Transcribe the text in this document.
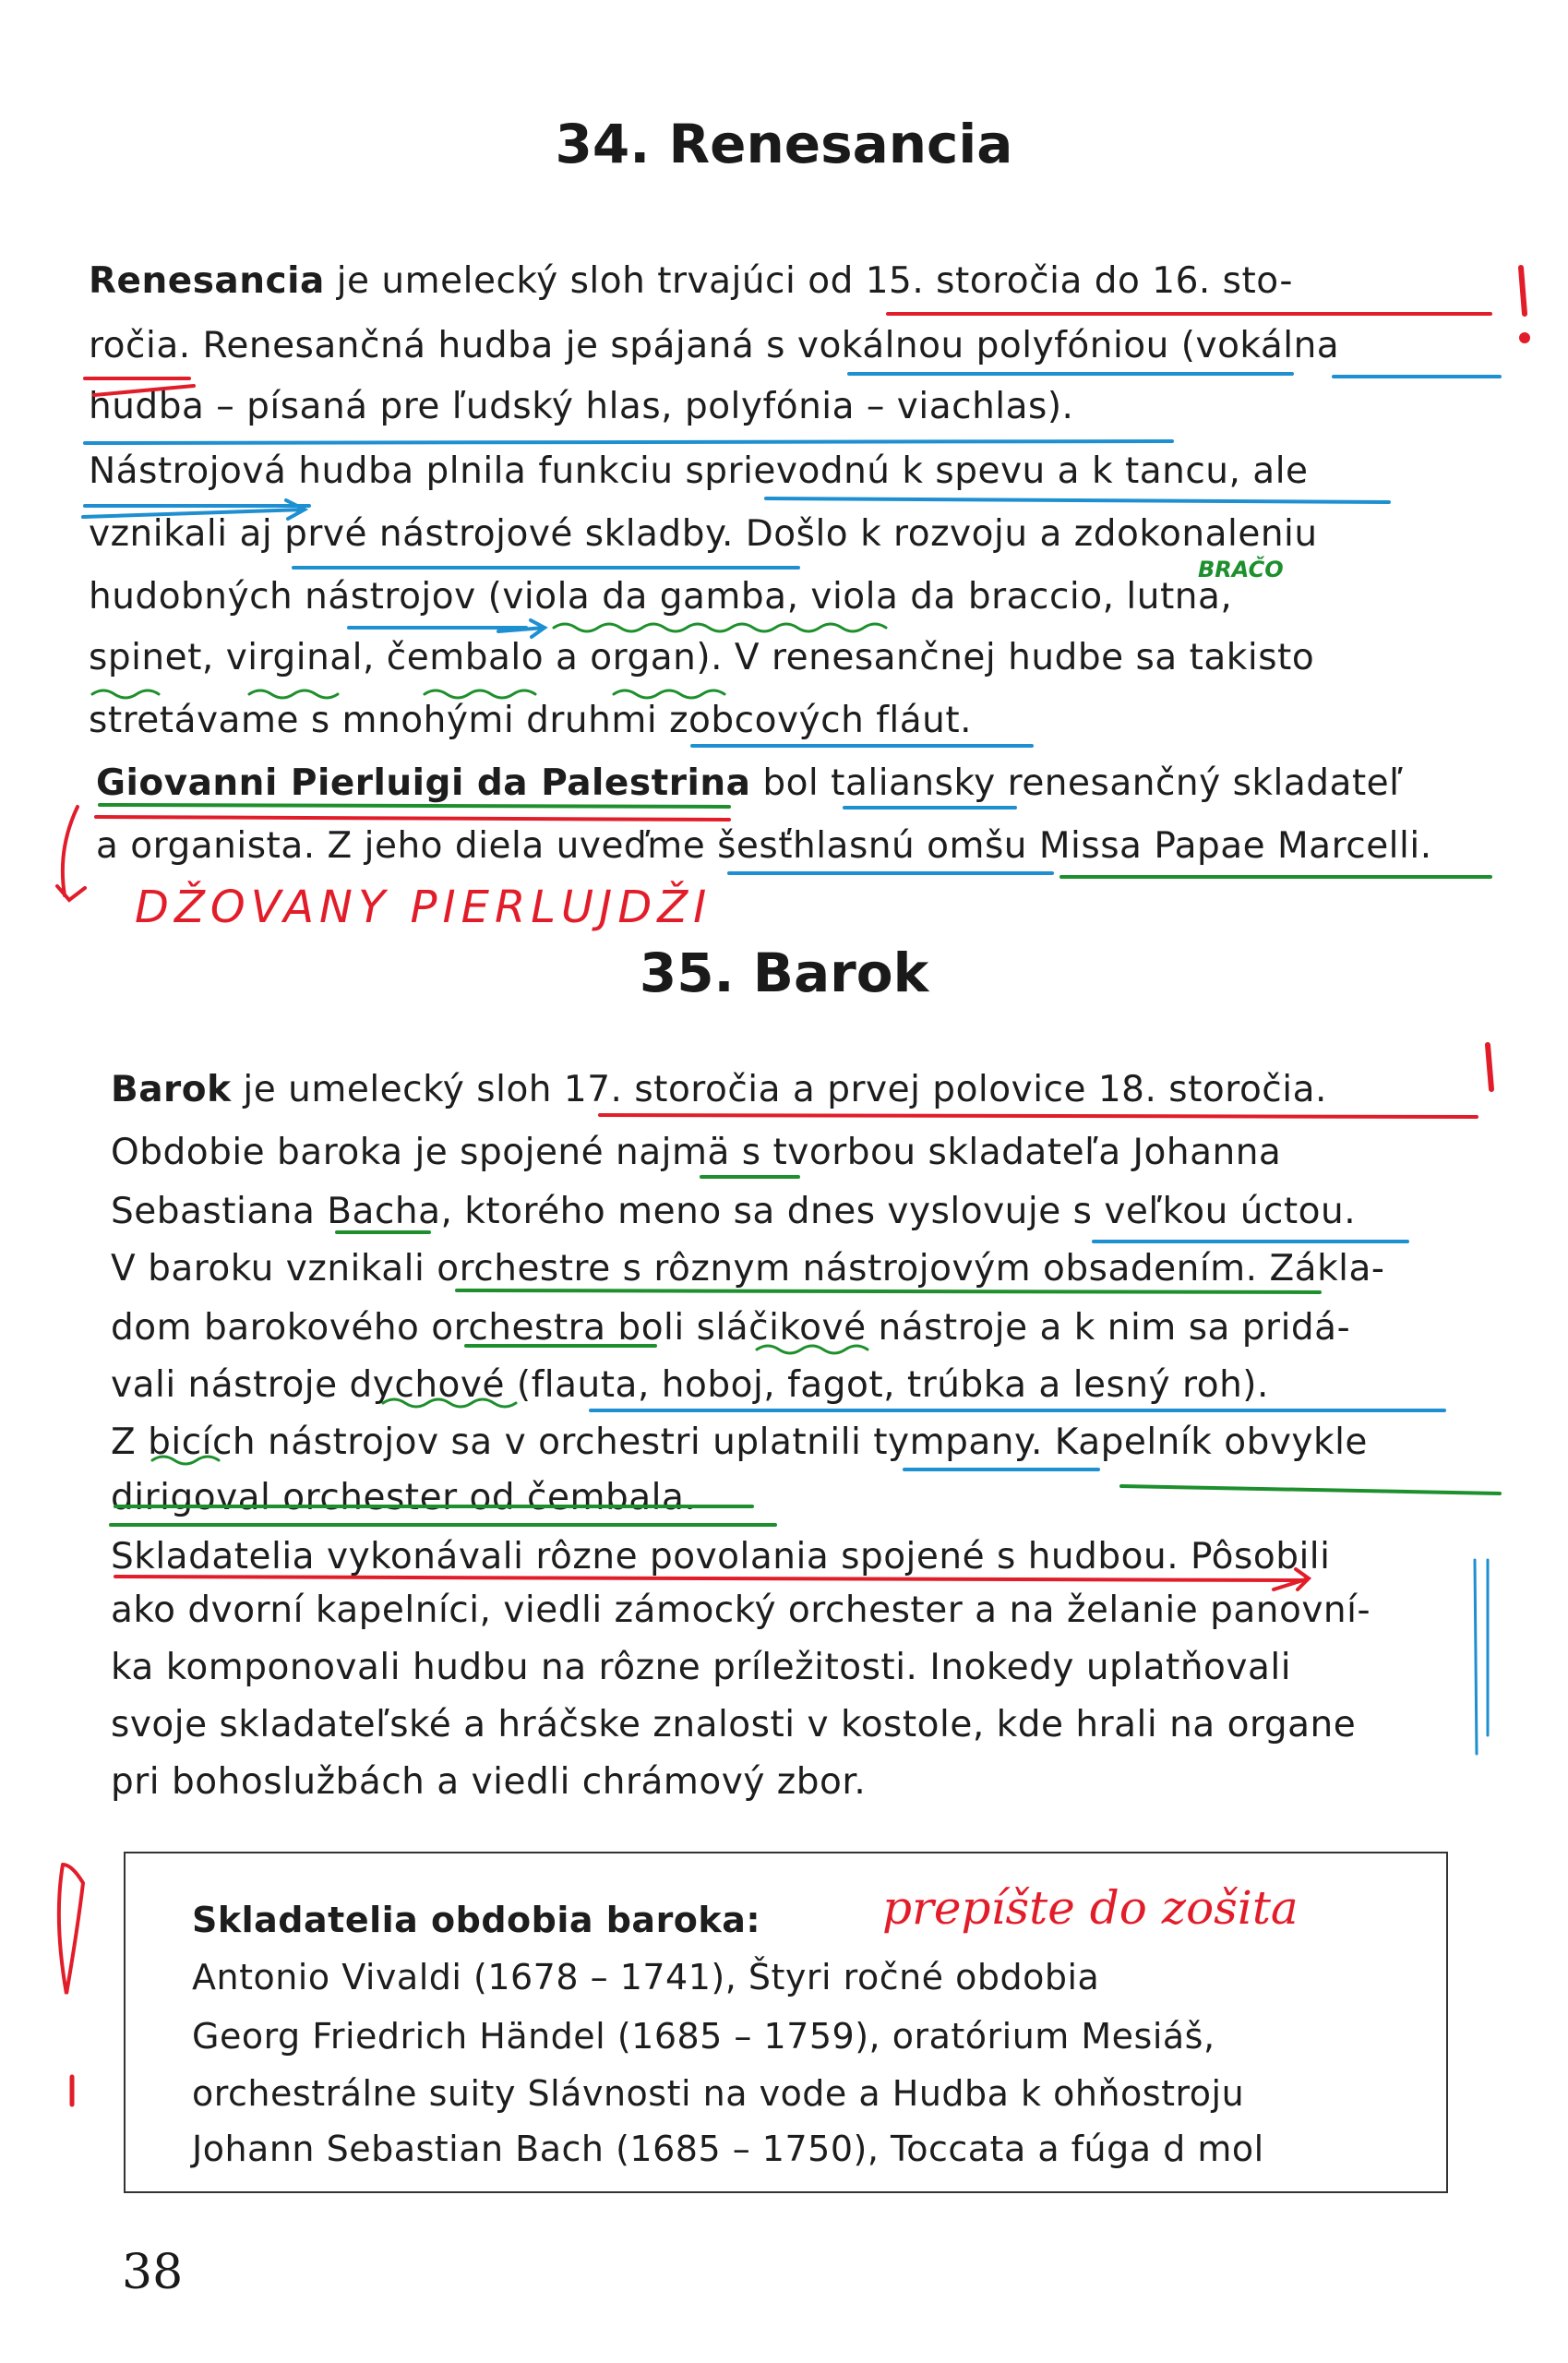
34. Renesancia
Renesancia je umelecký sloh trvajúci od 15. storočia do 16. sto-
ročia. Renesančná hudba je spájaná s vokálnou polyfóniou (vokálna
hudba – písaná pre ľudský hlas, polyfónia – viachlas).
Nástrojová hudba plnila funkciu sprievodnú k spevu a k tancu, ale
vznikali aj prvé nástrojové skladby. Došlo k rozvoju a zdokonaleniu
hudobných nástrojov (viola da gamba, viola da braccio, lutna,
spinet, virginal, čembalo a organ). V renesančnej hudbe sa takisto
stretávame s mnohými druhmi zobcových fláut.
Giovanni Pierluigi da Palestrina bol taliansky renesančný skladateľ
a organista. Z jeho diela uveďme šesťhlasnú omšu Missa Papae Marcelli.
BRAČO
DŽOVANY PIERLUJDŽI
35. Barok
Barok je umelecký sloh 17. storočia a prvej polovice 18. storočia.
Obdobie baroka je spojené najmä s tvorbou skladateľa Johanna
Sebastiana Bacha, ktorého meno sa dnes vyslovuje s veľkou úctou.
V baroku vznikali orchestre s rôznym nástrojovým obsadením. Zákla-
dom barokového orchestra boli sláčikové nástroje a k nim sa pridá-
vali nástroje dychové (flauta, hoboj, fagot, trúbka a lesný roh).
Z bicích nástrojov sa v orchestri uplatnili tympany. Kapelník obvykle
dirigoval orchester od čembala.
Skladatelia vykonávali rôzne povolania spojené s hudbou. Pôsobili
ako dvorní kapelníci, viedli zámocký orchester a na želanie panovní-
ka komponovali hudbu na rôzne príležitosti. Inokedy uplatňovali
svoje skladateľské a hráčske znalosti v kostole, kde hrali na organe
pri bohoslužbách a viedli chrámový zbor.
Skladatelia obdobia baroka:	prepíšte do zošita
Antonio Vivaldi (1678 – 1741), Štyri ročné obdobia
Georg Friedrich Händel (1685 – 1759), oratórium Mesiáš,
orchestrálne suity Slávnosti na vode a Hudba k ohňostroju
Johann Sebastian Bach (1685 – 1750), Toccata a fúga d mol
38
